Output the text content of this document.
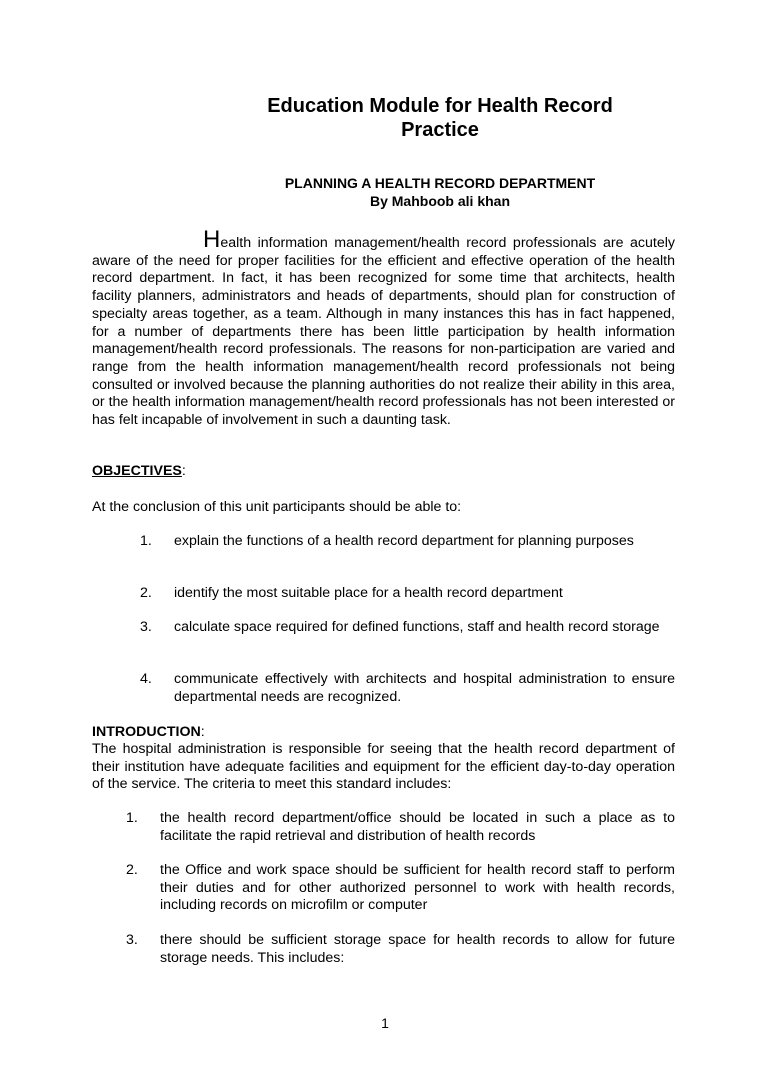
Education Module for Health Record
Practice
PLANNING A HEALTH RECORD DEPARTMENT
By Mahboob ali khan
Health information management/health record professionals are acutely aware of the need for proper facilities for the efficient and effective operation of the health record department. In fact, it has been recognized for some time that architects, health facility planners, administrators and heads of departments, should plan for construction of specialty areas together, as a team. Although in many instances this has in fact happened, for a number of departments there has been little participation by health information management/health record professionals. The reasons for non-participation are varied and range from the health information management/health record professionals not being consulted or involved because the planning authorities do not realize their ability in this area, or the health information management/health record professionals has not been interested or has felt incapable of involvement in such a daunting task.
OBJECTIVES:
At the conclusion of this unit participants should be able to:
1. explain the functions of a health record department for planning purposes
2. identify the most suitable place for a health record department
3. calculate space required for defined functions, staff and health record storage
4. communicate effectively with architects and hospital administration to ensure departmental needs are recognized.
INTRODUCTION:
The hospital administration is responsible for seeing that the health record department of their institution have adequate facilities and equipment for the efficient day-to-day operation of the service. The criteria to meet this standard includes:
1. the health record department/office should be located in such a place as to facilitate the rapid retrieval and distribution of health records
2. the Office and work space should be sufficient for health record staff to perform their duties and for other authorized personnel to work with health records, including records on microfilm or computer
3. there should be sufficient storage space for health records to allow for future storage needs. This includes:
1
